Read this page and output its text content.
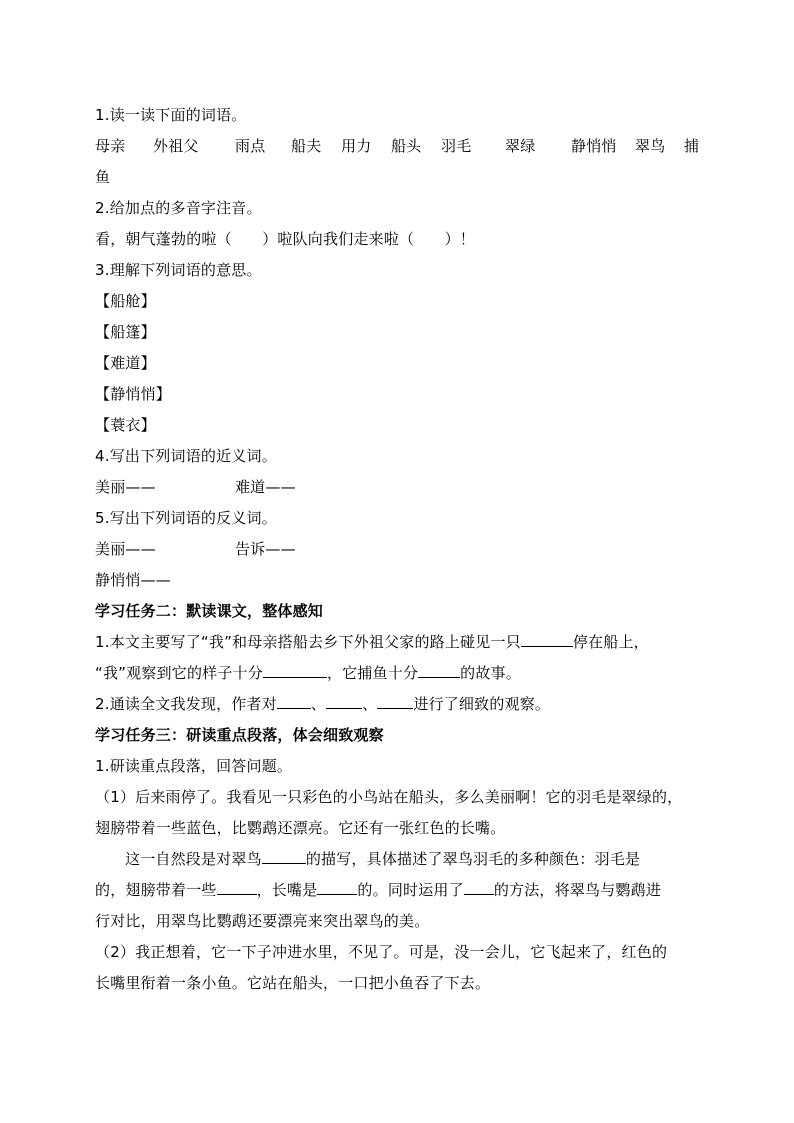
1.读一读下面的词语。
母亲	外祖父	雨点	船夫	用力	船头	羽毛	翠绿	静悄悄	翠鸟	捕
鱼
2.给加点的多音字注音。
看，朝气蓬勃的啦（　　）啦队向我们走来啦（　　）！
3.理解下列词语的意思。
【船舱】
【船篷】
【难道】
【静悄悄】
【蓑衣】
4.写出下列词语的近义词。
美丽——	难道——
5.写出下列词语的反义词。
美丽——	告诉——
静悄悄——
学习任务二：默读课文，整体感知
1.本文主要写了“我”和母亲搭船去乡下外祖父家的路上碰见一只	停在船上，
“我”观察到它的样子十分	，它捕鱼十分	的故事。
2.通读全文我发现，作者对 、 、 进行了细致的观察。
学习任务三：研读重点段落，体会细致观察
1.研读重点段落，回答问题。
（1）后来雨停了。我看见一只彩色的小鸟站在船头，多么美丽啊！它的羽毛是翠绿的，
翅膀带着一些蓝色，比鹦鹉还漂亮。它还有一张红色的长嘴。
这一自然段是对翠鸟	的描写，具体描述了翠鸟羽毛的多种颜色：羽毛是
的，翅膀带着一些	，长嘴是	的。同时运用了 的方法，将翠鸟与鹦鹉进
行对比，用翠鸟比鹦鹉还要漂亮来突出翠鸟的美。
（2）我正想着，它一下子冲进水里，不见了。可是，没一会儿，它飞起来了，红色的
长嘴里衔着一条小鱼。它站在船头，一口把小鱼吞了下去。
